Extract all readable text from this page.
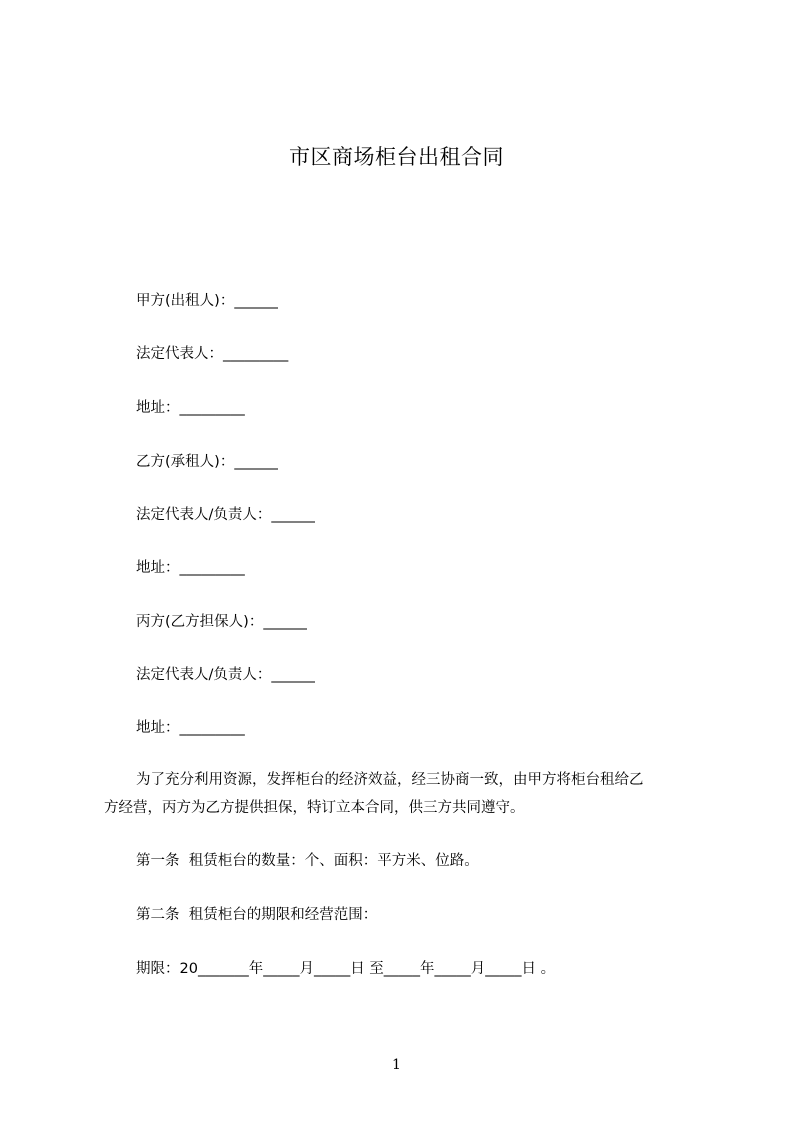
市区商场柜台出租合同
甲方(出租人)：______
法定代表人：_________
地址：_________
乙方(承租人)：______
法定代表人/负责人：______
地址：_________
丙方(乙方担保人)：______
法定代表人/负责人：______
地址：_________
为了充分利用资源，发挥柜台的经济效益，经三协商一致，由甲方将柜台租给乙
方经营，丙方为乙方提供担保，特订立本合同，供三方共同遵守。
第一条  租赁柜台的数量：个、面积：平方米、位路。
第二条  租赁柜台的期限和经营范围：
期限：20_______年_____月_____日 至_____年_____月_____日 。
1
